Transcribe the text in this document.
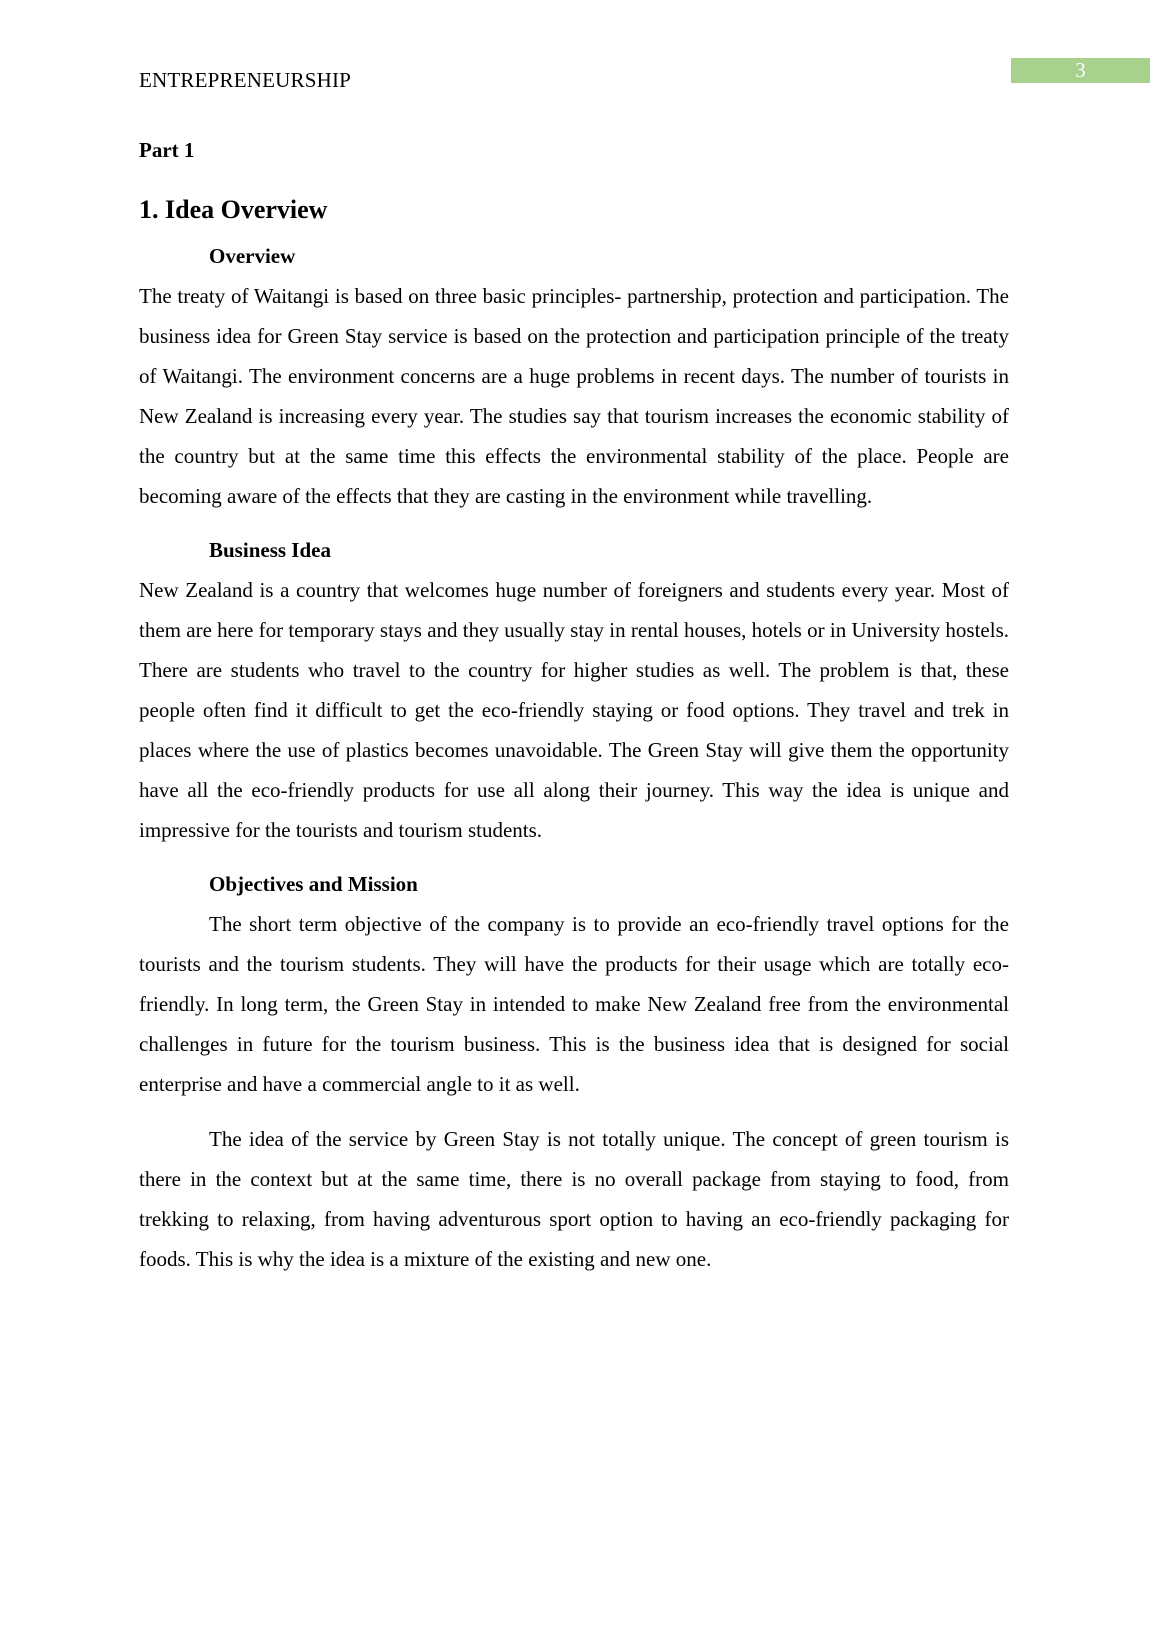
3
ENTREPRENEURSHIP

Part 1

1. Idea Overview
Overview

The treaty of Waitangi is based on three basic principles- partnership, protection and participation. The business idea for Green Stay service is based on the protection and participation principle of the treaty of Waitangi. The environment concerns are a huge problems in recent days. The number of tourists in New Zealand is increasing every year. The studies say that tourism increases the economic stability of the country but at the same time this effects the environmental stability of the place. People are becoming aware of the effects that they are casting in the environment while travelling.

Business Idea

New Zealand is a country that welcomes huge number of foreigners and students every year. Most of them are here for temporary stays and they usually stay in rental houses, hotels or in University hostels. There are students who travel to the country for higher studies as well. The problem is that, these people often find it difficult to get the eco-friendly staying or food options. They travel and trek in places where the use of plastics becomes unavoidable. The Green Stay will give them the opportunity have all the eco-friendly products for use all along their journey. This way the idea is unique and impressive for the tourists and tourism students.

Objectives and Mission

The short term objective of the company is to provide an eco-friendly travel options for the tourists and the tourism students. They will have the products for their usage which are totally eco-friendly. In long term, the Green Stay in intended to make New Zealand free from the environmental challenges in future for the tourism business. This is the business idea that is designed for social enterprise and have a commercial angle to it as well.

The idea of the service by Green Stay is not totally unique. The concept of green tourism is there in the context but at the same time, there is no overall package from staying to food, from trekking to relaxing, from having adventurous sport option to having an eco-friendly packaging for foods. This is why the idea is a mixture of the existing and new one.
